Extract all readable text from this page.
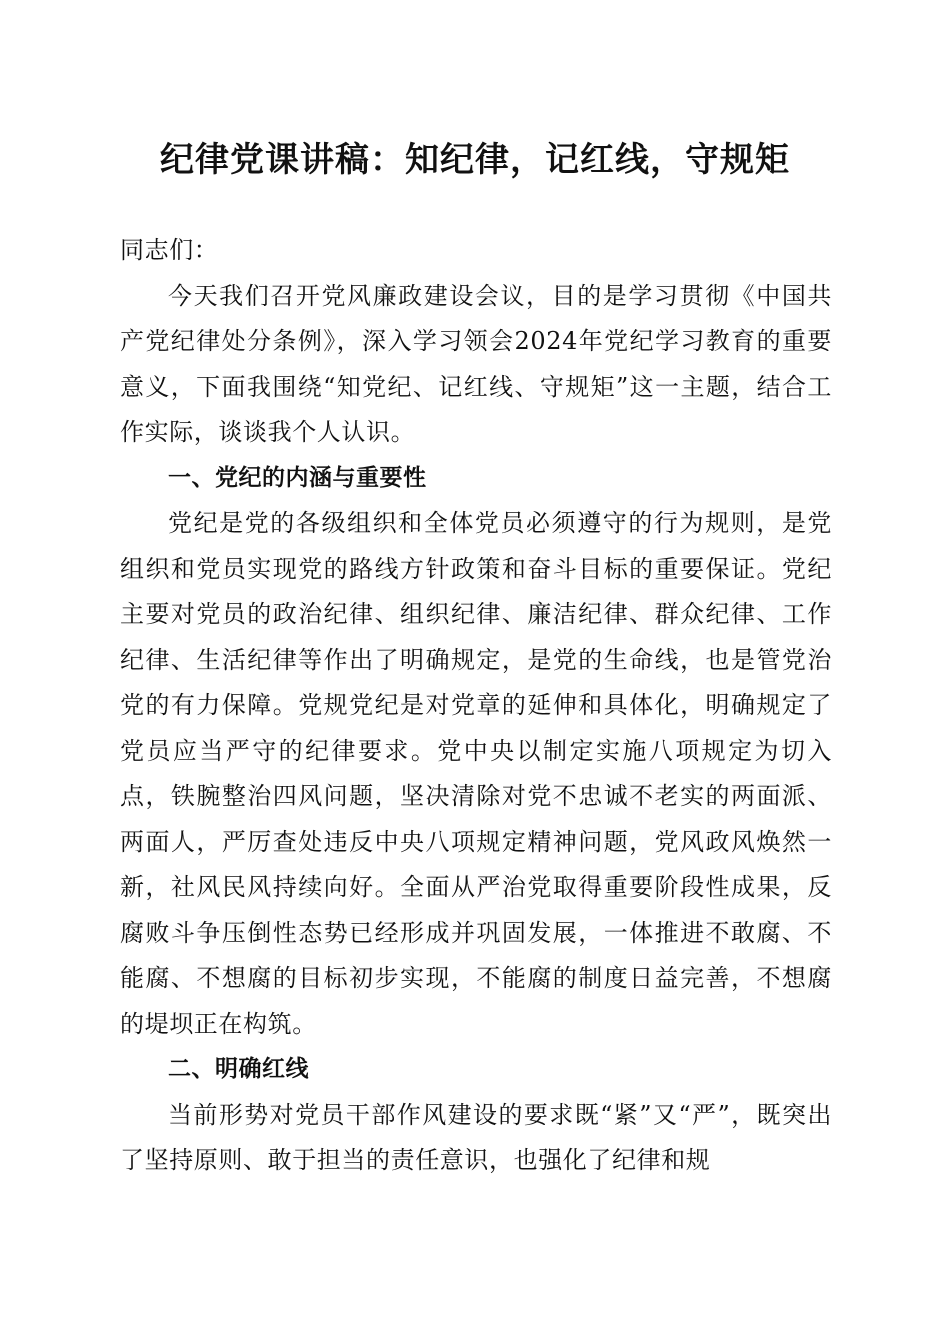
纪律党课讲稿：知纪律，记红线，守规矩

同志们：

今天我们召开党风廉政建设会议，目的是学习贯彻《中国共产党纪律处分条例》，深入学习领会2024年党纪学习教育的重要意义，下面我围绕“知党纪、记红线、守规矩”这一主题，结合工作实际，谈谈我个人认识。

一、党纪的内涵与重要性

党纪是党的各级组织和全体党员必须遵守的行为规则，是党组织和党员实现党的路线方针政策和奋斗目标的重要保证。党纪主要对党员的政治纪律、组织纪律、廉洁纪律、群众纪律、工作纪律、生活纪律等作出了明确规定，是党的生命线，也是管党治党的有力保障。党规党纪是对党章的延伸和具体化，明确规定了党员应当严守的纪律要求。党中央以制定实施八项规定为切入点，铁腕整治四风问题，坚决清除对党不忠诚不老实的两面派、两面人，严厉查处违反中央八项规定精神问题，党风政风焕然一新，社风民风持续向好。全面从严治党取得重要阶段性成果，反腐败斗争压倒性态势已经形成并巩固发展，一体推进不敢腐、不能腐、不想腐的目标初步实现，不能腐的制度日益完善，不想腐的堤坝正在构筑。

二、明确红线

当前形势对党员干部作风建设的要求既“紧”又“严”，既突出了坚持原则、敢于担当的责任意识，也强化了纪律和规
